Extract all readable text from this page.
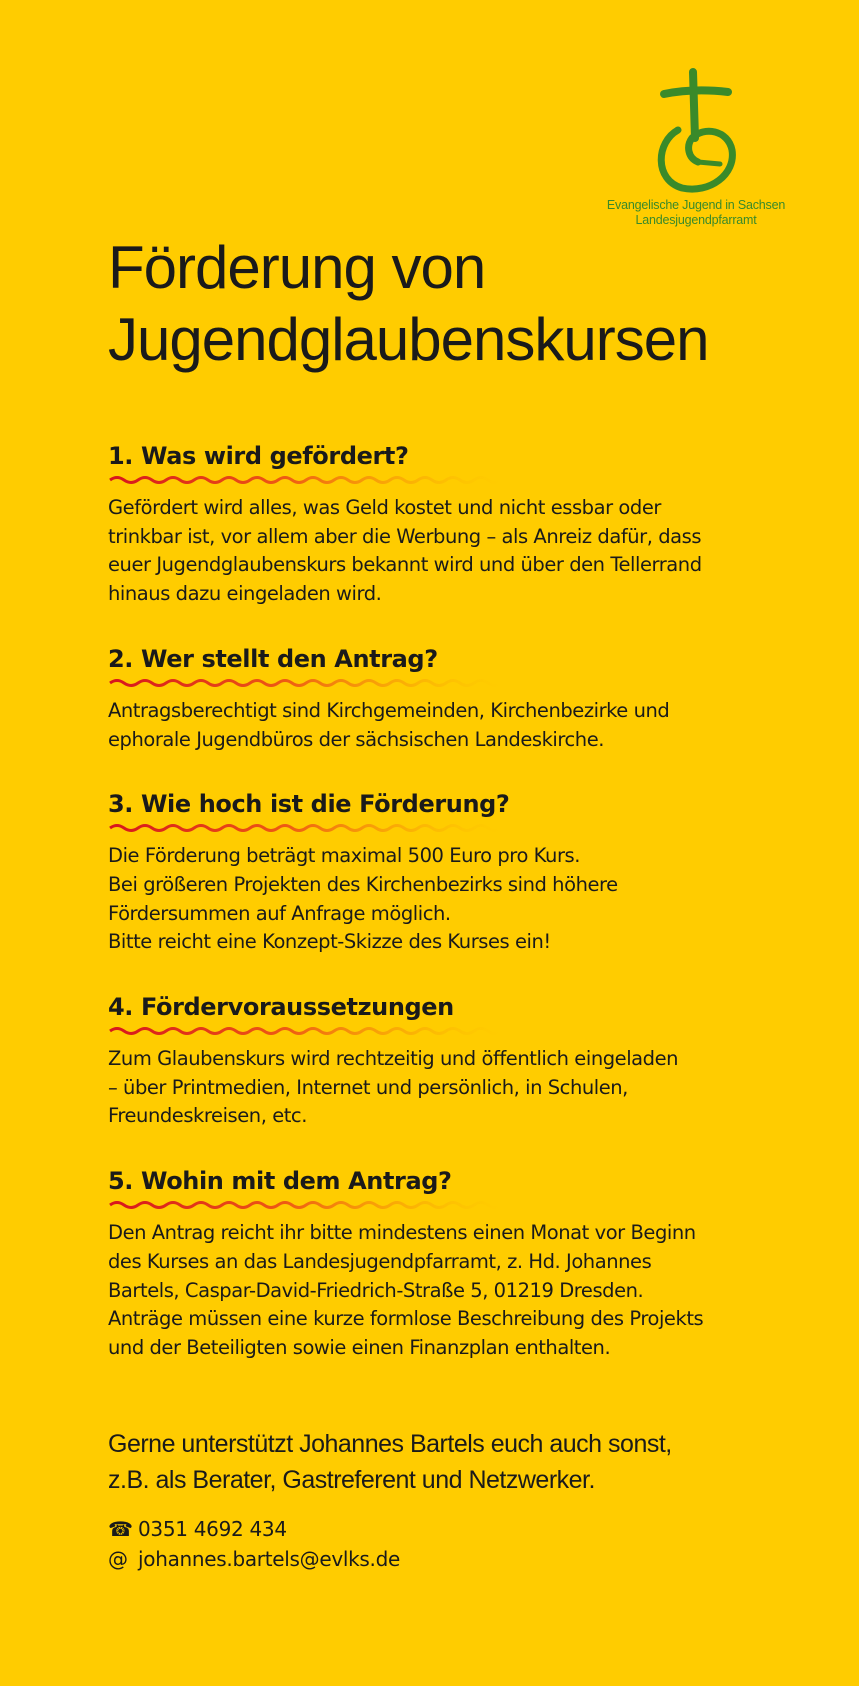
Evangelische Jugend in Sachsen
Landesjugendpfarramt
Förderung von
Jugendglaubenskursen
1. Was wird gefördert?

Gefördert wird alles, was Geld kostet und nicht essbar oder
trinkbar ist, vor allem aber die Werbung – als Anreiz dafür, dass
euer Jugendglaubenskurs bekannt wird und über den Tellerrand
hinaus dazu eingeladen wird.

2. Wer stellt den Antrag?

Antragsberechtigt sind Kirchgemeinden, Kirchenbezirke und
ephorale Jugendbüros der sächsischen Landeskirche.

3. Wie hoch ist die Förderung?

Die Förderung beträgt maximal 500 Euro pro Kurs.
Bei größeren Projekten des Kirchenbezirks sind höhere
Fördersummen auf Anfrage möglich.
Bitte reicht eine Konzept-Skizze des Kurses ein!

4. Fördervoraussetzungen

Zum Glaubenskurs wird rechtzeitig und öffentlich eingeladen
– über Printmedien, Internet und persönlich, in Schulen,
Freundeskreisen, etc.

5. Wohin mit dem Antrag?

Den Antrag reicht ihr bitte mindestens einen Monat vor Beginn
des Kurses an das Landesjugendpfarramt, z. Hd. Johannes
Bartels, Caspar-David-Friedrich-Straße 5, 01219 Dresden.
Anträge müssen eine kurze formlose Beschreibung des Projekts
und der Beteiligten sowie einen Finanzplan enthalten.

Gerne unterstützt Johannes Bartels euch auch sonst,
z.B. als Berater, Gastreferent und Netzwerker.
☎ 0351 4692 434
@ johannes.bartels@evlks.de
